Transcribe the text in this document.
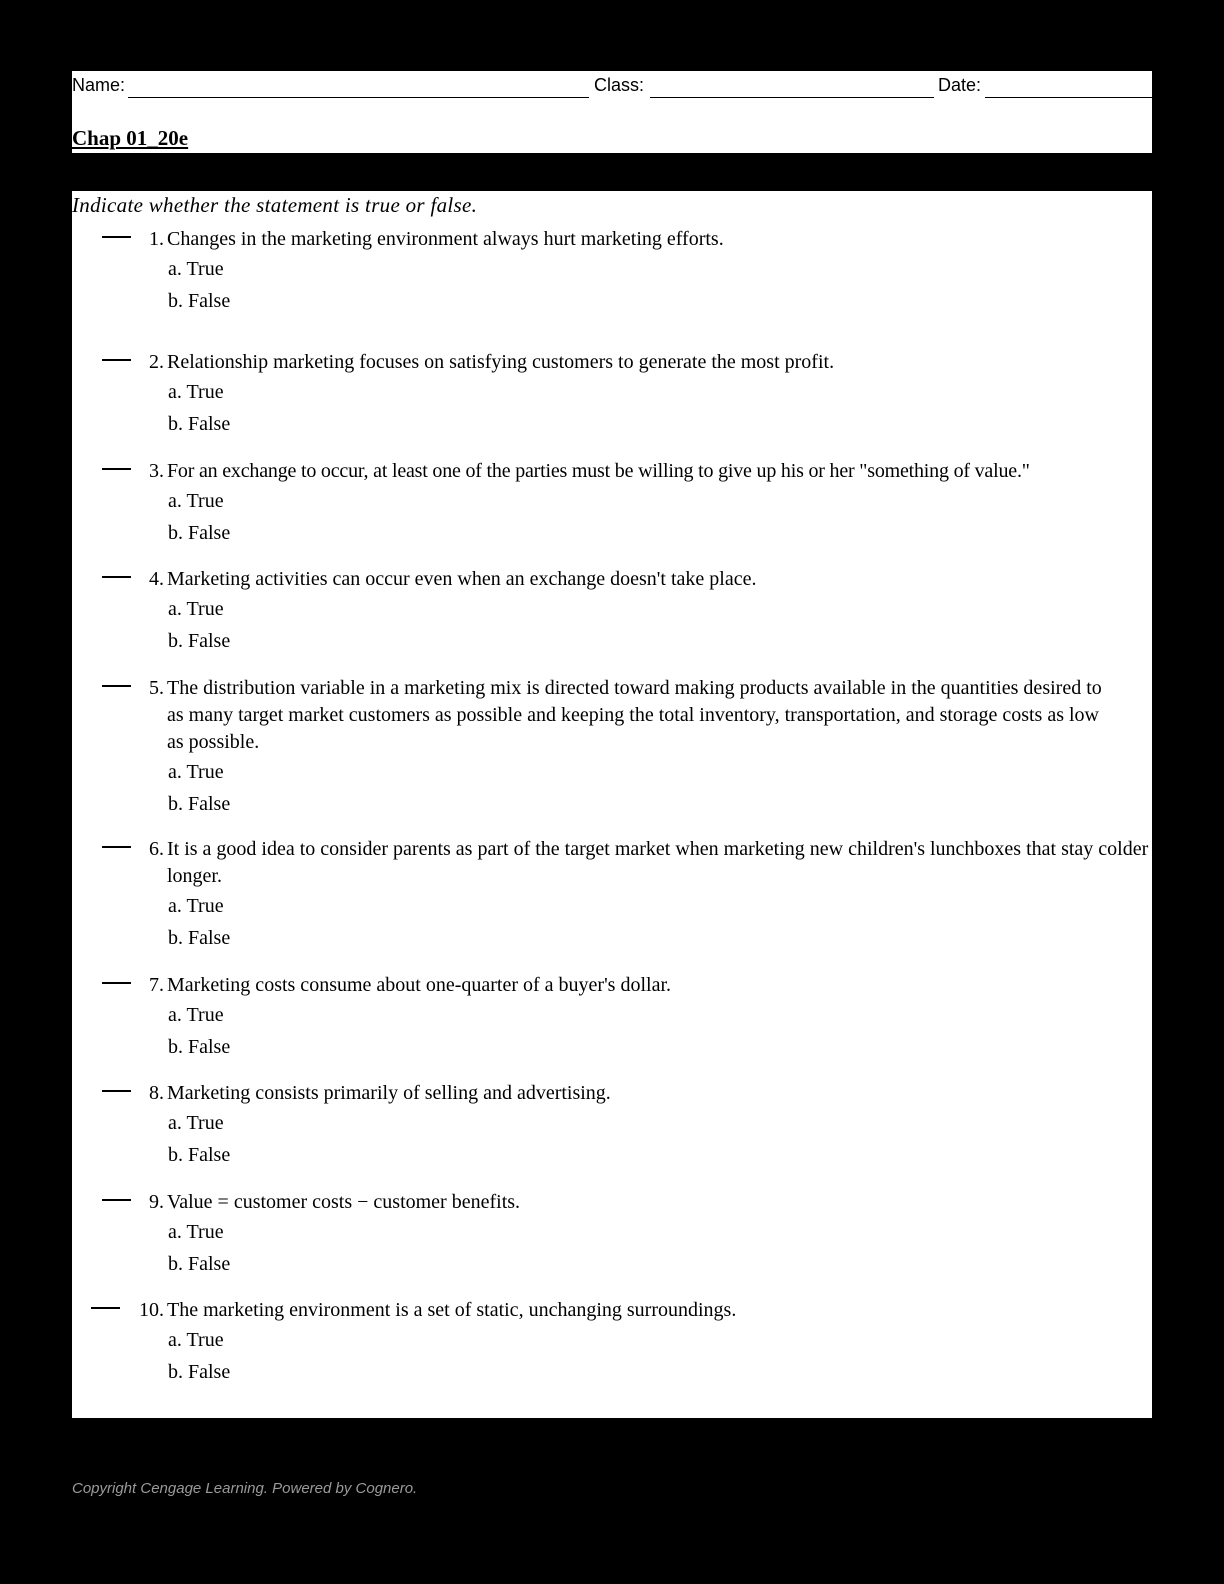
Name:	Class:	Date:
Chap 01_20e
Indicate whether the statement is true or false.
1. Changes in the marketing environment always hurt marketing efforts.
a. True
b. False
2. Relationship marketing focuses on satisfying customers to generate the most profit.
a. True
b. False
3. For an exchange to occur, at least one of the parties must be willing to give up his or her "something of value."
a. True
b. False
4. Marketing activities can occur even when an exchange doesn't take place.
a. True
b. False
5. The distribution variable in a marketing mix is directed toward making products available in the quantities desired to as many target market customers as possible and keeping the total inventory, transportation, and storage costs as low as possible.
a. True
b. False
6. It is a good idea to consider parents as part of the target market when marketing new children's lunchboxes that stay colder longer.
a. True
b. False
7. Marketing costs consume about one-quarter of a buyer's dollar.
a. True
b. False
8. Marketing consists primarily of selling and advertising.
a. True
b. False
9. Value = customer costs − customer benefits.
a. True
b. False
10. The marketing environment is a set of static, unchanging surroundings.
a. True
b. False
Copyright Cengage Learning. Powered by Cognero.
